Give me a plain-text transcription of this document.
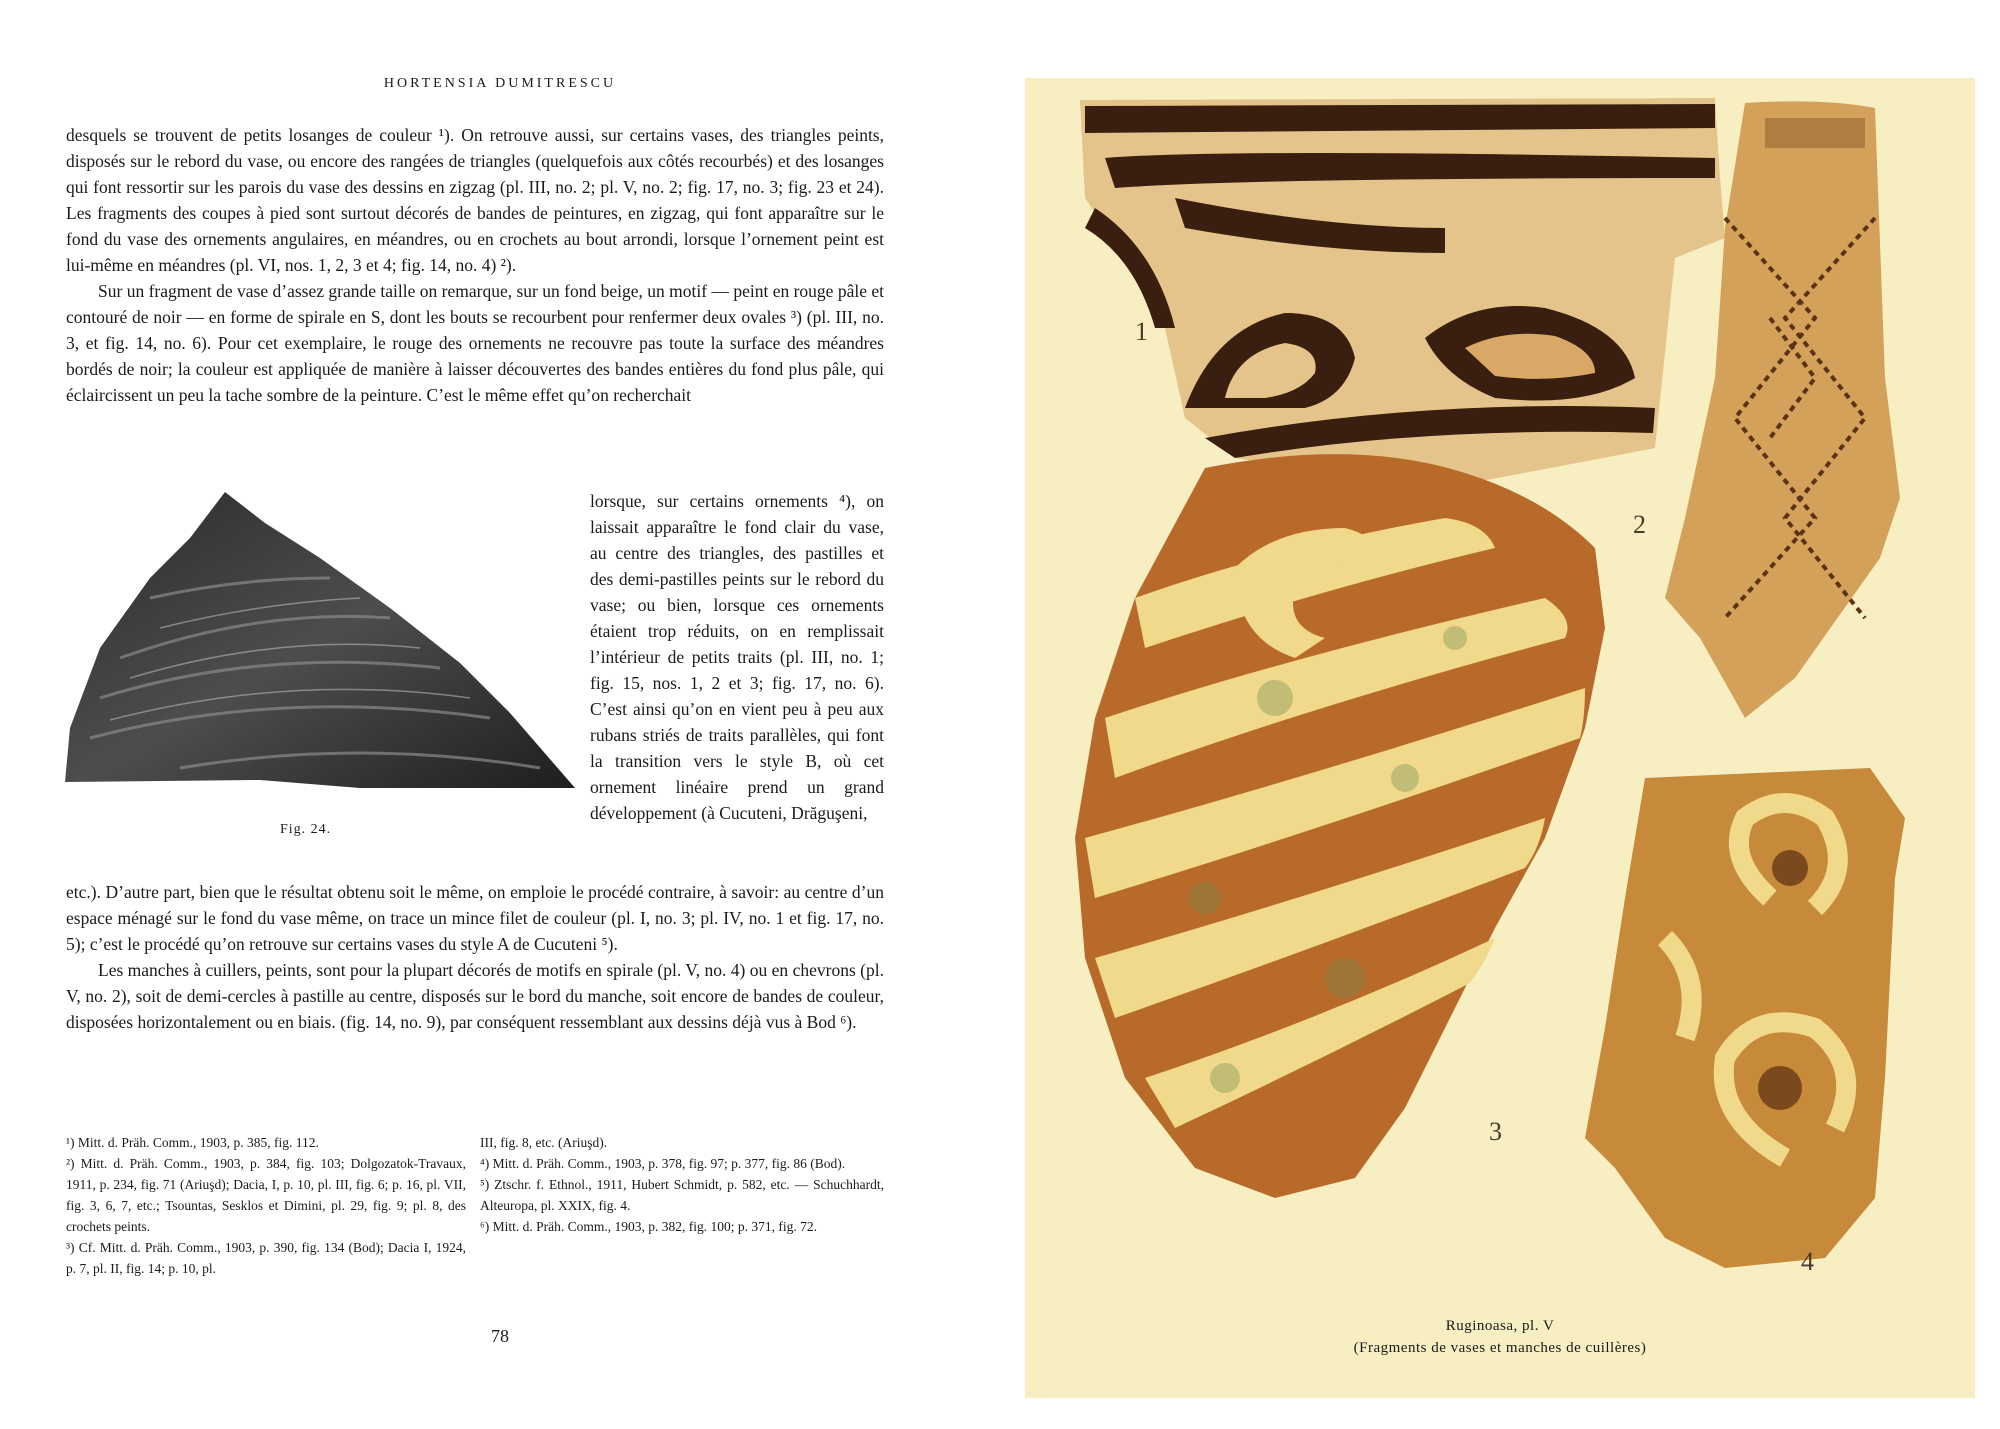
HORTENSIA DUMITRESCU

desquels se trouvent de petits losanges de couleur ¹). On retrouve aussi, sur certains vases, des triangles peints, disposés sur le rebord du vase, ou encore des rangées de triangles (quelquefois aux côtés recourbés) et des losanges qui font ressortir sur les parois du vase des dessins en zigzag (pl. III, no. 2; pl. V, no. 2; fig. 17, no. 3; fig. 23 et 24). Les fragments des coupes à pied sont surtout décorés de bandes de peintures, en zigzag, qui font apparaître sur le fond du vase des ornements angulaires, en méandres, ou en crochets au bout arrondi, lorsque l’ornement peint est lui-même en méandres (pl. VI, nos. 1, 2, 3 et 4; fig. 14, no. 4) ²).

Sur un fragment de vase d’assez grande taille on remarque, sur un fond beige, un motif — peint en rouge pâle et contouré de noir — en forme de spirale en S, dont les bouts se recourbent pour renfermer deux ovales ³) (pl. III, no. 3, et fig. 14, no. 6). Pour cet exemplaire, le rouge des ornements ne recouvre pas toute la surface des méandres bordés de noir; la couleur est appliquée de manière à laisser découvertes des bandes entières du fond plus pâle, qui éclaircissent un peu la tache sombre de la peinture. C’est le même effet qu’on recherchait

Fig. 24.

lorsque, sur certains ornements ⁴), on laissait apparaître le fond clair du vase, au centre des triangles, des pastilles et des demi-pastilles peints sur le rebord du vase; ou bien, lorsque ces ornements étaient trop réduits, on en remplissait l’intérieur de petits traits (pl. III, no. 1; fig. 15, nos. 1, 2 et 3; fig. 17, no. 6). C’est ainsi qu’on en vient peu à peu aux rubans striés de traits parallèles, qui font la transition vers le style B, où cet ornement linéaire prend un grand développement (à Cucuteni, Drăguşeni,

etc.). D’autre part, bien que le résultat obtenu soit le même, on emploie le procédé contraire, à savoir: au centre d’un espace ménagé sur le fond du vase même, on trace un mince filet de couleur (pl. I, no. 3; pl. IV, no. 1 et fig. 17, no. 5); c’est le procédé qu’on retrouve sur certains vases du style A de Cucuteni ⁵).

Les manches à cuillers, peints, sont pour la plupart décorés de motifs en spirale (pl. V, no. 4) ou en chevrons (pl. V, no. 2), soit de demi-cercles à pastille au centre, disposés sur le bord du manche, soit encore de bandes de couleur, disposées horizontalement ou en biais. (fig. 14, no. 9), par conséquent ressemblant aux dessins déjà vus à Bod ⁶).

¹) Mitt. d. Präh. Comm., 1903, p. 385, fig. 112.

²) Mitt. d. Präh. Comm., 1903, p. 384, fig. 103; Dolgozatok-Travaux, 1911, p. 234, fig. 71 (Ariuşd); Dacia, I, p. 10, pl. III, fig. 6; p. 16, pl. VII, fig. 3, 6, 7, etc.; Tsountas, Sesklos et Dimini, pl. 29, fig. 9; pl. 8, des crochets peints.

³) Cf. Mitt. d. Präh. Comm., 1903, p. 390, fig. 134 (Bod); Dacia I, 1924, p. 7, pl. II, fig. 14; p. 10, pl.

III, fig. 8, etc. (Ariuşd).

⁴) Mitt. d. Präh. Comm., 1903, p. 378, fig. 97; p. 377, fig. 86 (Bod).

⁵) Ztschr. f. Ethnol., 1911, Hubert Schmidt, p. 582, etc. — Schuchhardt, Alteuropa, pl. XXIX, fig. 4.

⁶) Mitt. d. Präh. Comm., 1903, p. 382, fig. 100; p. 371, fig. 72.

78
1
2
3
4
Ruginoasa, pl. V
(Fragments de vases et manches de cuillères)
